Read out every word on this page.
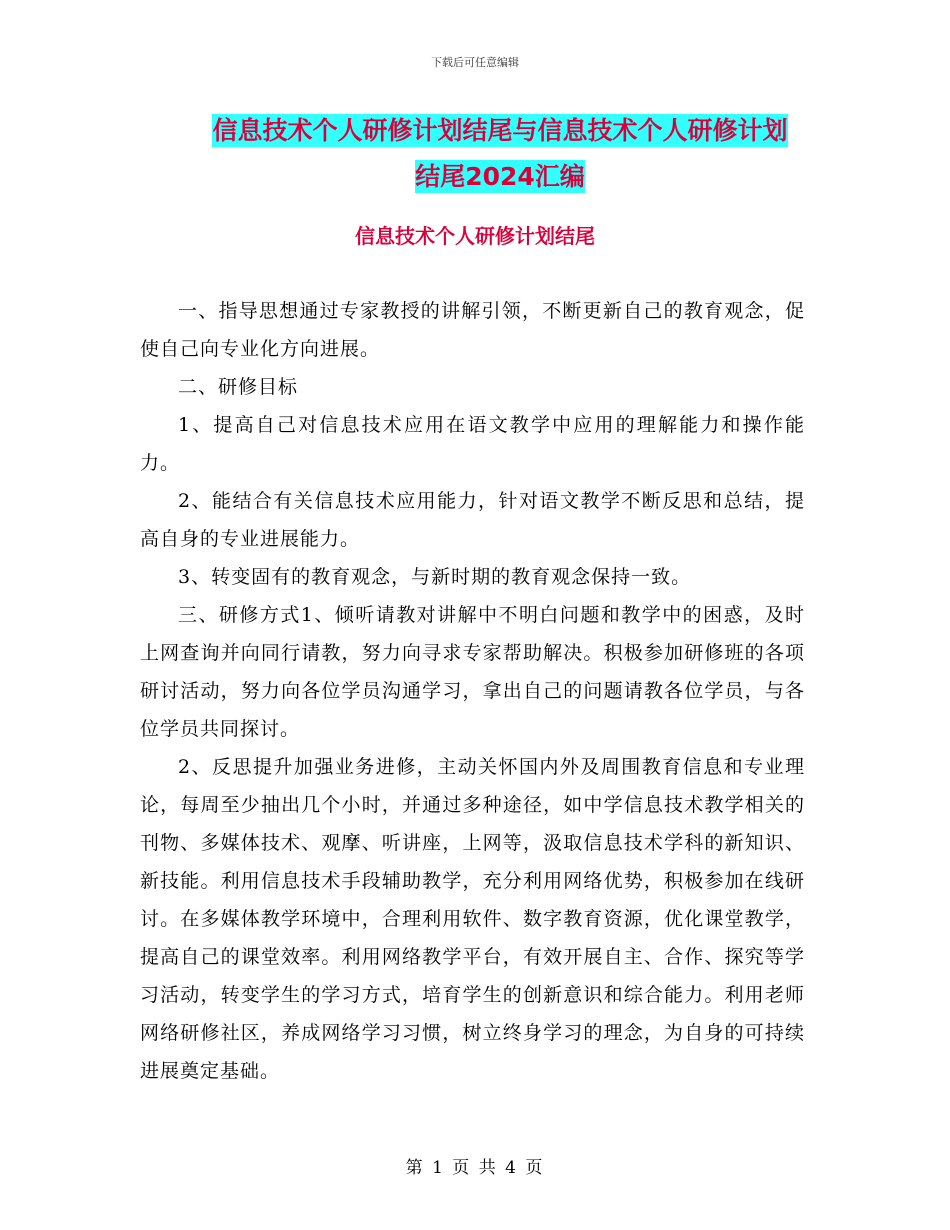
下载后可任意编辑
信息技术个人研修计划结尾与信息技术个人研修计划
结尾2024汇编
信息技术个人研修计划结尾

一、指导思想通过专家教授的讲解引领，不断更新自己的教育观念，促使自己向专业化方向进展。

二、研修目标

1、提高自己对信息技术应用在语文教学中应用的理解能力和操作能力。

2、能结合有关信息技术应用能力，针对语文教学不断反思和总结，提高自身的专业进展能力。

3、转变固有的教育观念，与新时期的教育观念保持一致。

三、研修方式1、倾听请教对讲解中不明白问题和教学中的困惑，及时上网查询并向同行请教，努力向寻求专家帮助解决。积极参加研修班的各项研讨活动，努力向各位学员沟通学习，拿出自己的问题请教各位学员，与各位学员共同探讨。

2、反思提升加强业务进修，主动关怀国内外及周围教育信息和专业理论，每周至少抽出几个小时，并通过多种途径，如中学信息技术教学相关的刊物、多媒体技术、观摩、听讲座，上网等，汲取信息技术学科的新知识、新技能。利用信息技术手段辅助教学，充分利用网络优势，积极参加在线研讨。在多媒体教学环境中，合理利用软件、数字教育资源，优化课堂教学，提高自己的课堂效率。利用网络教学平台，有效开展自主、合作、探究等学习活动，转变学生的学习方式，培育学生的创新意识和综合能力。利用老师网络研修社区，养成网络学习习惯，树立终身学习的理念，为自身的可持续进展奠定基础。

第 1 页 共 4 页
